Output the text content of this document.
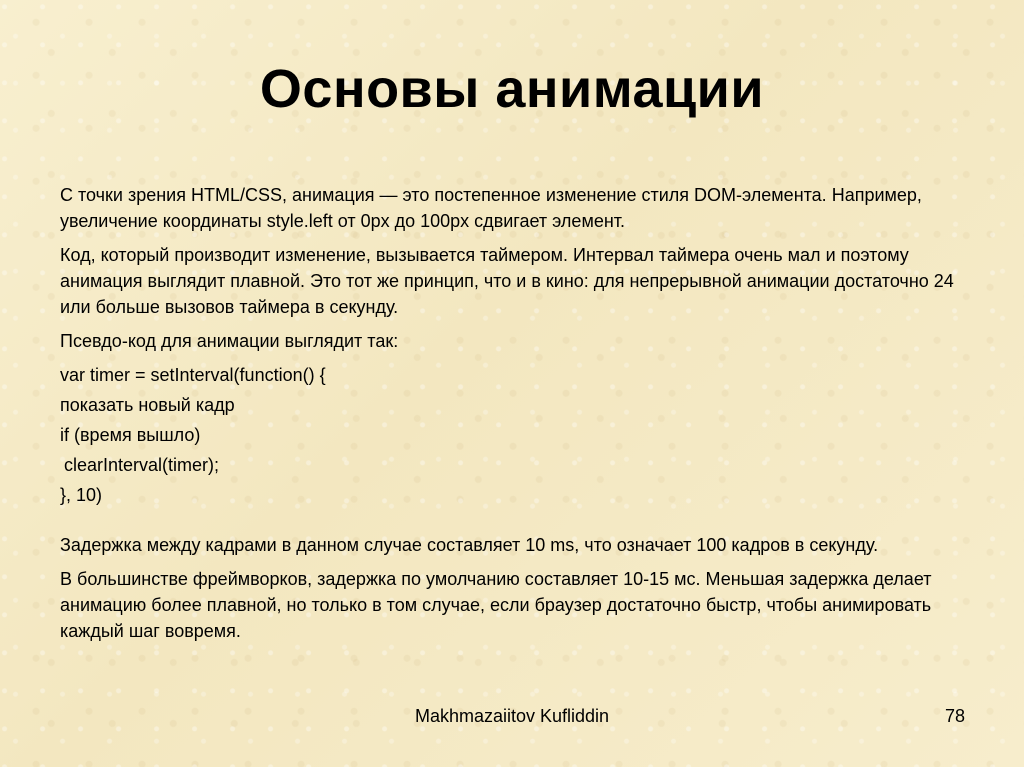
Основы анимации

С точки зрения HTML/CSS, анимация — это постепенное изменение стиля DOM-элемента. Например, увеличение координаты style.left от 0px до 100px сдвигает элемент.

Код, который производит изменение, вызывается таймером. Интервал таймера очень мал и поэтому анимация выглядит плавной. Это тот же принцип, что и в кино: для непрерывной анимации достаточно 24 или больше вызовов таймера в секунду.

Псевдо-код для анимации выглядит так:

var timer = setInterval(function() {

показать новый кадр

if (время вышло)

clearInterval(timer);

}, 10)

Задержка между кадрами в данном случае составляет 10 ms, что означает 100 кадров в секунду.

В большинстве фреймворков, задержка по умолчанию составляет 10-15 мс. Меньшая задержка делает анимацию более плавной, но только в том случае, если браузер достаточно быстр, чтобы анимировать каждый шаг вовремя.

Makhmazaiitov Kuflіddin	78
